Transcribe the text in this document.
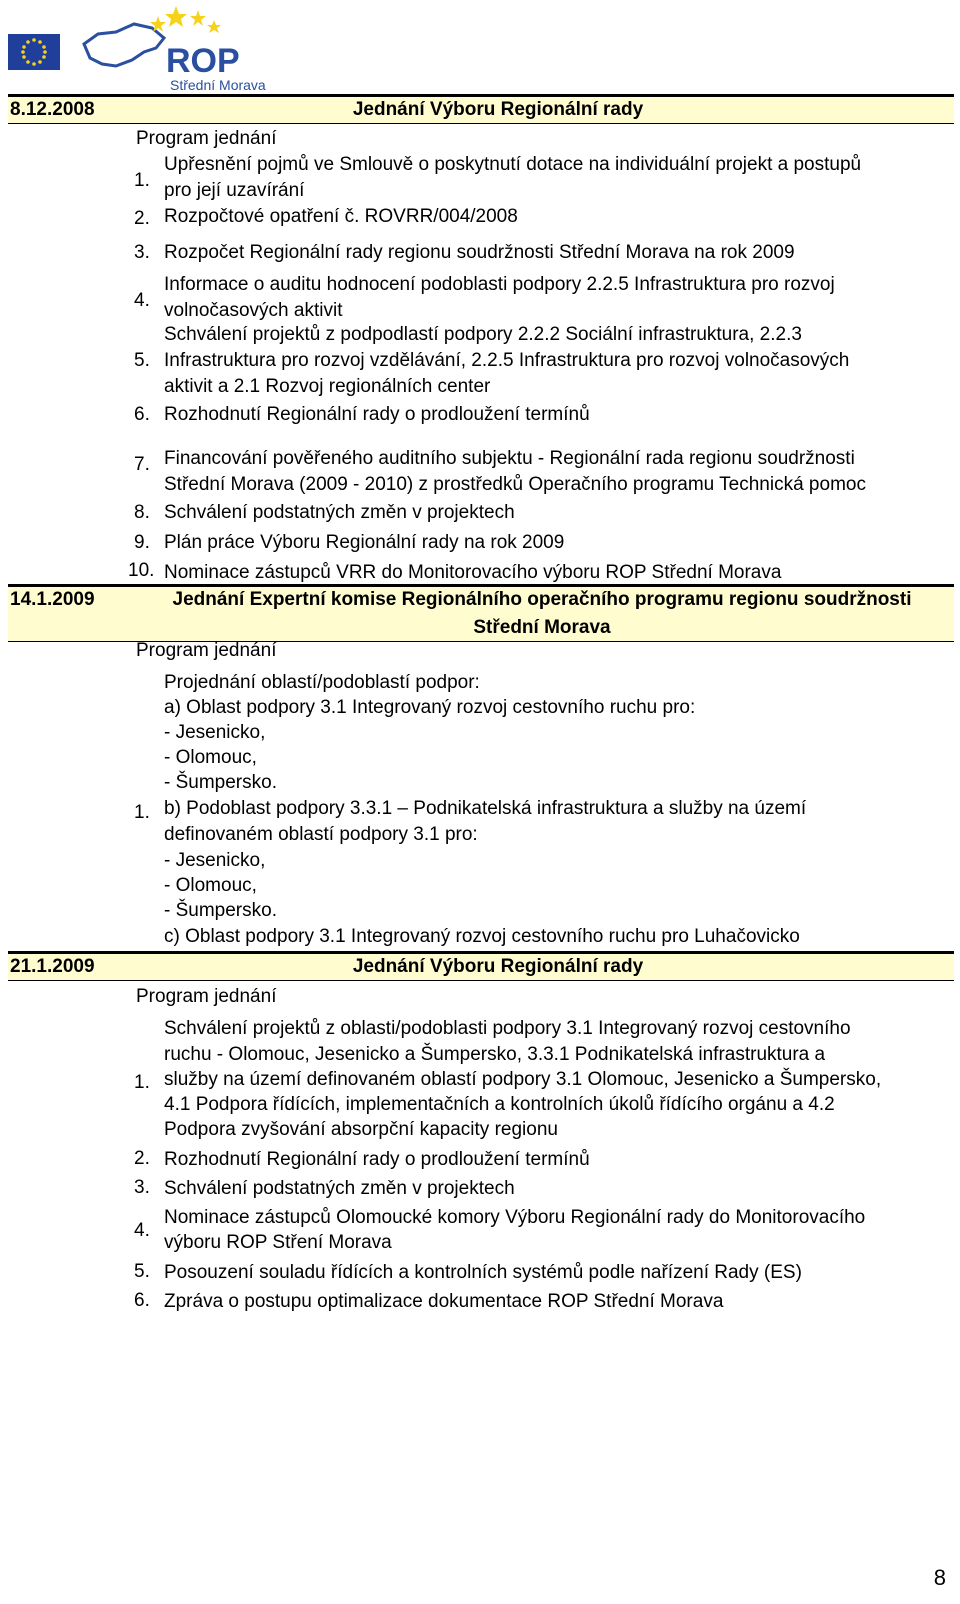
ROP
Střední Morava
8.12.2008	Jednání Výboru Regionální rady
Program jednání
1.
Upřesnění pojmů ve Smlouvě o poskytnutí dotace na individuální projekt a postupů
pro její uzavírání
2. Rozpočtové opatření č. ROVRR/004/2008
3. Rozpočet Regionální rady regionu soudržnosti Střední Morava na rok 2009
4.
Informace o auditu hodnocení podoblasti podpory 2.2.5 Infrastruktura pro rozvoj
volnočasových aktivit
5.
Schválení projektů z podpodlastí podpory 2.2.2 Sociální infrastruktura, 2.2.3
Infrastruktura pro rozvoj vzdělávání, 2.2.5 Infrastruktura pro rozvoj volnočasových
aktivit a 2.1 Rozvoj regionálních center
6. Rozhodnutí Regionální rady o prodloužení termínů
7. Financování pověřeného auditního subjektu - Regionální rada regionu soudržnosti
Střední Morava (2009 - 2010) z prostředků Operačního programu Technická pomoc
8. Schválení podstatných změn v projektech
9. Plán práce Výboru Regionální rady na rok 2009
10. Nominace zástupců VRR do Monitorovacího výboru ROP Střední Morava
14.1.2009	Jednání Expertní komise Regionálního operačního programu regionu soudržnosti
Střední Morava
Program jednání
1.
Projednání oblastí/podoblastí podpor:
a) Oblast podpory 3.1 Integrovaný rozvoj cestovního ruchu pro:
- Jesenicko,
- Olomouc,
- Šumpersko.
b) Podoblast podpory 3.3.1 – Podnikatelská infrastruktura a služby na území
definovaném oblastí podpory 3.1 pro:
- Jesenicko,
- Olomouc,
- Šumpersko.
c) Oblast podpory 3.1 Integrovaný rozvoj cestovního ruchu pro Luhačovicko
21.1.2009	Jednání Výboru Regionální rady
Program jednání
1.
Schválení projektů z oblasti/podoblasti podpory 3.1 Integrovaný rozvoj cestovního
ruchu - Olomouc, Jesenicko a Šumpersko, 3.3.1 Podnikatelská infrastruktura a
služby na území definovaném oblastí podpory 3.1 Olomouc, Jesenicko a Šumpersko,
4.1 Podpora řídících, implementačních a kontrolních úkolů řídícího orgánu a 4.2
Podpora zvyšování absorpční kapacity regionu
2. Rozhodnutí Regionální rady o prodloužení termínů
3. Schválení podstatných změn v projektech
4.
Nominace zástupců Olomoucké komory Výboru Regionální rady do Monitorovacího
výboru ROP Stření Morava
5. Posouzení souladu řídících a kontrolních systémů podle nařízení Rady (ES)
6. Zpráva o postupu optimalizace dokumentace ROP Střední Morava
8
